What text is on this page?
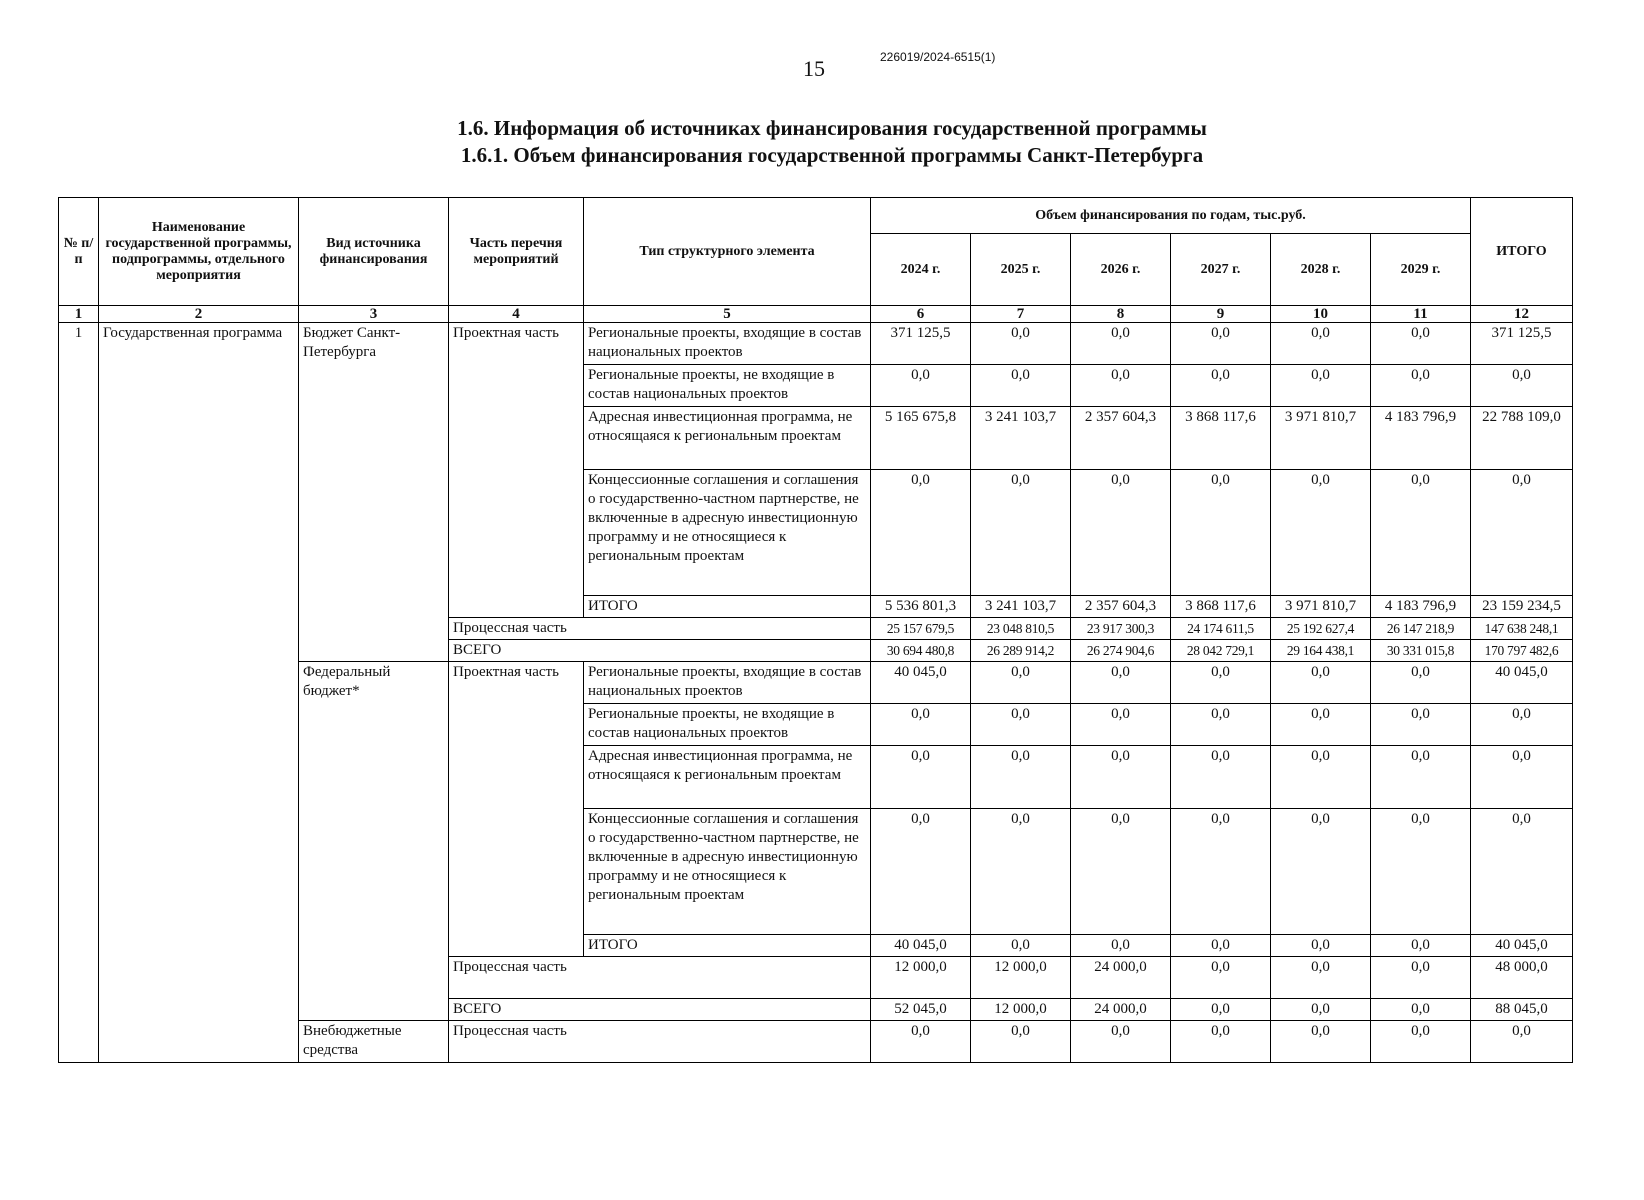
15	226019/2024-6515(1)
1.6. Информация об источниках финансирования государственной программы
1.6.1. Объем финансирования государственной программы Санкт-Петербурга
№ п/п	Наименование государственной программы, подпрограммы, отдельного мероприятия	Вид источника финансирования	Часть перечня мероприятий	Тип структурного элемента	Объем финансирования по годам, тыс.руб.						ИТОГО
					2024 г.	2025 г.	2026 г.	2027 г.	2028 г.	2029 г.	
1	2	3	4	5	6	7	8	9	10	11	12
1	Государственная программа	Бюджет Санкт-Петербурга	Проектная часть	Региональные проекты, входящие в состав национальных проектов	371 125,5	0,0	0,0	0,0	0,0	0,0	371 125,5
				Региональные проекты, не входящие в состав национальных проектов	0,0	0,0	0,0	0,0	0,0	0,0	0,0
				Адресная инвестиционная программа, не относящаяся к региональным проектам	5 165 675,8	3 241 103,7	2 357 604,3	3 868 117,6	3 971 810,7	4 183 796,9	22 788 109,0
				Концессионные соглашения и соглашения о государственно-частном партнерстве, не включенные в адресную инвестиционную программу и не относящиеся к региональным проектам	0,0	0,0	0,0	0,0	0,0	0,0	0,0
				ИТОГО	5 536 801,3	3 241 103,7	2 357 604,3	3 868 117,6	3 971 810,7	4 183 796,9	23 159 234,5
			Процессная часть		25 157 679,5	23 048 810,5	23 917 300,3	24 174 611,5	25 192 627,4	26 147 218,9	147 638 248,1
			ВСЕГО		30 694 480,8	26 289 914,2	26 274 904,6	28 042 729,1	29 164 438,1	30 331 015,8	170 797 482,6
		Федеральный бюджет*	Проектная часть	Региональные проекты, входящие в состав национальных проектов	40 045,0	0,0	0,0	0,0	0,0	0,0	40 045,0
				Региональные проекты, не входящие в состав национальных проектов	0,0	0,0	0,0	0,0	0,0	0,0	0,0
				Адресная инвестиционная программа, не относящаяся к региональным проектам	0,0	0,0	0,0	0,0	0,0	0,0	0,0
				Концессионные соглашения и соглашения о государственно-частном партнерстве, не включенные в адресную инвестиционную программу и не относящиеся к региональным проектам	0,0	0,0	0,0	0,0	0,0	0,0	0,0
				ИТОГО	40 045,0	0,0	0,0	0,0	0,0	0,0	40 045,0
			Процессная часть		12 000,0	12 000,0	24 000,0	0,0	0,0	0,0	48 000,0
			ВСЕГО		52 045,0	12 000,0	24 000,0	0,0	0,0	0,0	88 045,0
		Внебюджетные средства	Процессная часть		0,0	0,0	0,0	0,0	0,0	0,0	0,0
